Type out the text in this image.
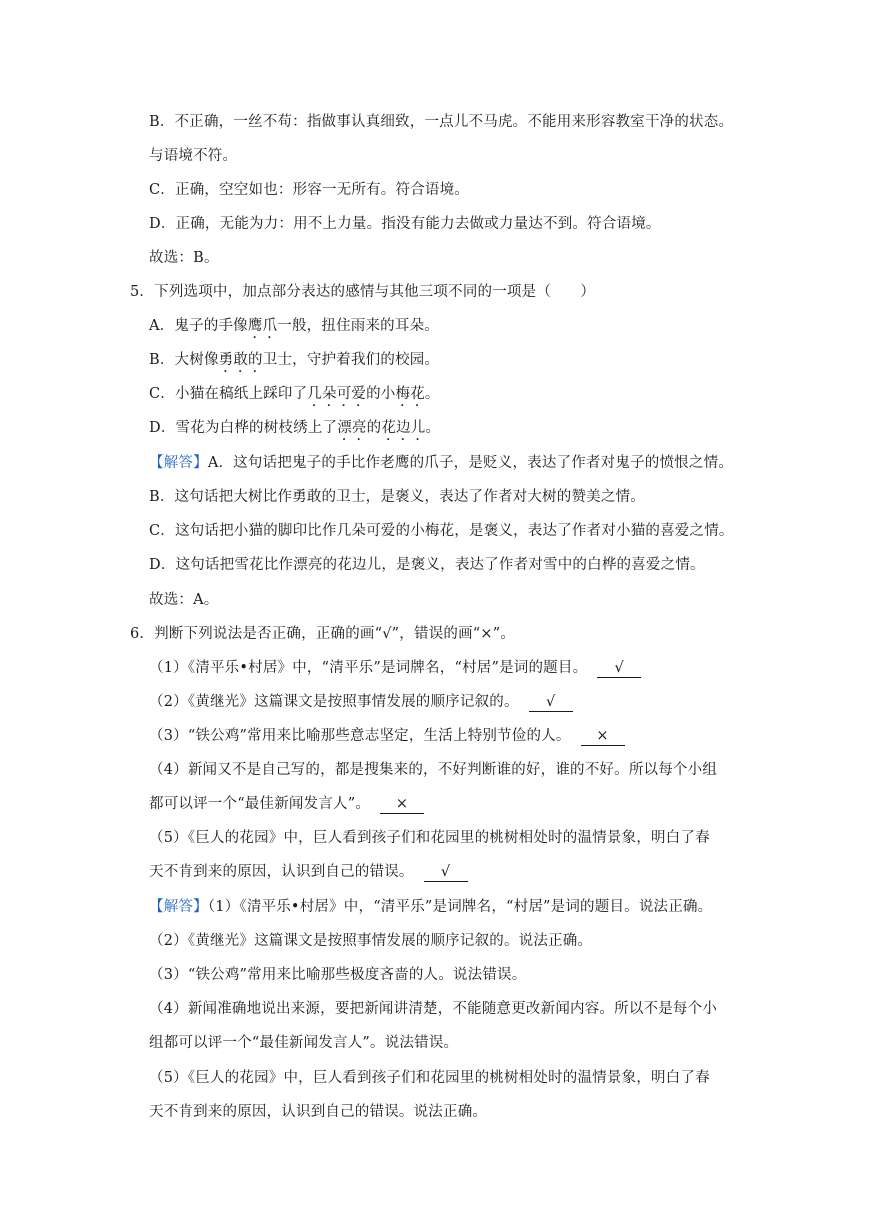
B．不正确，一丝不苟：指做事认真细致，一点儿不马虎。不能用来形容教室干净的状态。
与语境不符。
C．正确，空空如也：形容一无所有。符合语境。
D．正确，无能为力：用不上力量。指没有能力去做或力量达不到。符合语境。
故选：B。
5．下列选项中，加点部分表达的感情与其他三项不同的一项是（　　）
A．鬼子的手像鹰爪一般，扭住雨来的耳朵。
B．大树像勇敢的卫士，守护着我们的校园。
C．小猫在稿纸上踩印了几朵可爱的小梅花。
D．雪花为白桦的树枝绣上了漂亮的花边儿。
【解答】A．这句话把鬼子的手比作老鹰的爪子，是贬义，表达了作者对鬼子的愤恨之情。
B．这句话把大树比作勇敢的卫士，是褒义，表达了作者对大树的赞美之情。
C．这句话把小猫的脚印比作几朵可爱的小梅花，是褒义，表达了作者对小猫的喜爱之情。
D．这句话把雪花比作漂亮的花边儿，是褒义，表达了作者对雪中的白桦的喜爱之情。
故选：A。
6．判断下列说法是否正确，正确的画“√”，错误的画“×”。
（1）《清平乐•村居》中，“清平乐”是词牌名，“村居”是词的题目。 √
（2）《黄继光》这篇课文是按照事情发展的顺序记叙的。 √
（3）“铁公鸡”常用来比喻那些意志坚定，生活上特别节俭的人。 ×
（4）新闻又不是自己写的，都是搜集来的，不好判断谁的好，谁的不好。所以每个小组
都可以评一个“最佳新闻发言人”。 ×
（5）《巨人的花园》中，巨人看到孩子们和花园里的桃树相处时的温情景象，明白了春
天不肯到来的原因，认识到自己的错误。 √
【解答】（1）《清平乐•村居》中，“清平乐”是词牌名，“村居”是词的题目。说法正确。
（2）《黄继光》这篇课文是按照事情发展的顺序记叙的。说法正确。
（3）“铁公鸡”常用来比喻那些极度吝啬的人。说法错误。
（4）新闻准确地说出来源，要把新闻讲清楚，不能随意更改新闻内容。所以不是每个小
组都可以评一个“最佳新闻发言人”。说法错误。
（5）《巨人的花园》中，巨人看到孩子们和花园里的桃树相处时的温情景象，明白了春
天不肯到来的原因，认识到自己的错误。说法正确。
